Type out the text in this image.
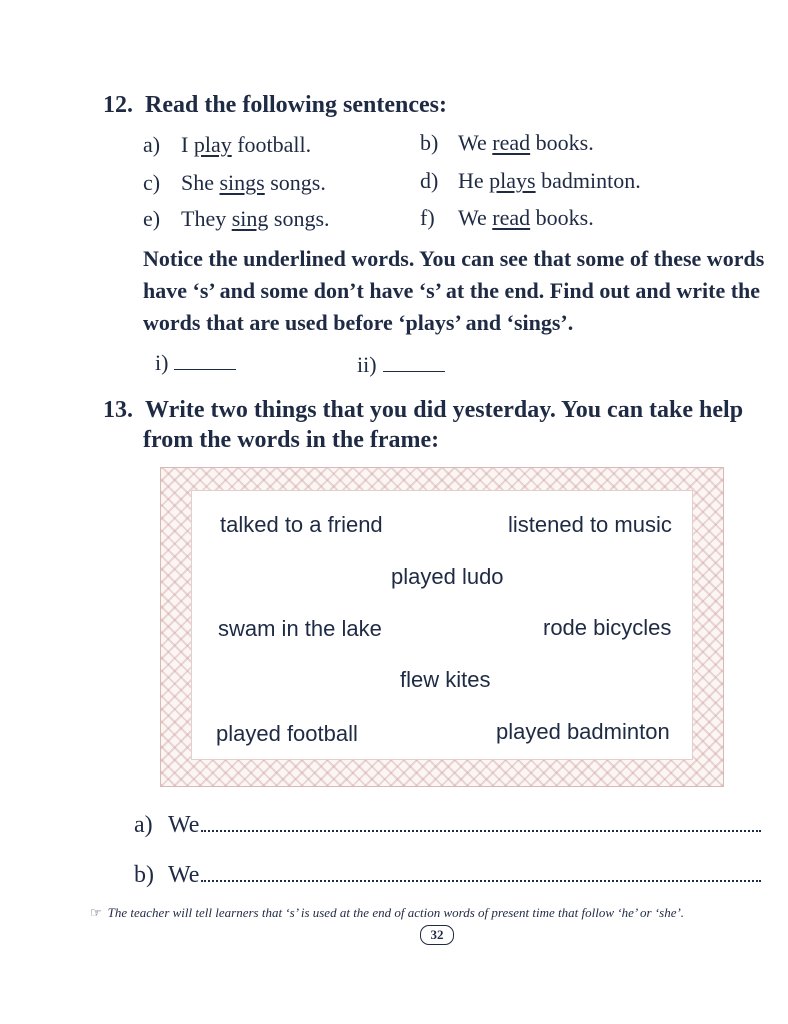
12. Read the following sentences:
a) I play football.	b) We read books.
c) She sings songs.	d) He plays badminton.
e) They sing songs.	f) We read books.
Notice the underlined words. You can see that some of these words have ‘s’ and some don’t have ‘s’ at the end. Find out and write the words that are used before ‘plays’ and ‘sings’.
i)	ii)
13. Write two things that you did yesterday. You can take help
from the words in the frame:
talked to a friend	listened to music
played ludo
swam in the lake	rode bicycles
flew kites
played football	played badminton
a) We
b) We
☞ The teacher will tell learners that ‘s’ is used at the end of action words of present time that follow ‘he’ or ‘she’.
32
